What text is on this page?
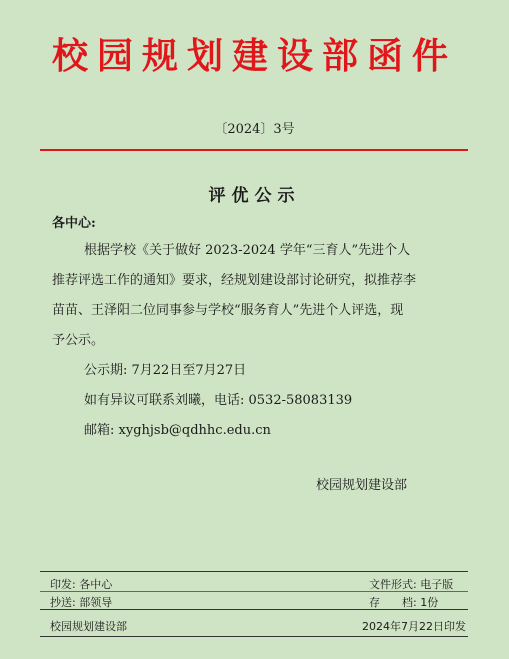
校园规划建设部函件
〔2024〕3号
评优公示
各中心:
根据学校《关于做好 2023-2024 学年“三育人”先进个人
推荐评选工作的通知》要求，经规划建设部讨论研究，拟推荐李
苗苗、王泽阳二位同事参与学校“服务育人”先进个人评选，现
予公示。
公示期: 7月22日至7月27日
如有异议可联系刘曦，电话: 0532-58083139
邮箱: xyghjsb@qdhhc.edu.cn
校园规划建设部
印发: 各中心	文件形式: 电子版
抄送: 部领导	存　　档: 1份
校园规划建设部	2024年7月22日印发
